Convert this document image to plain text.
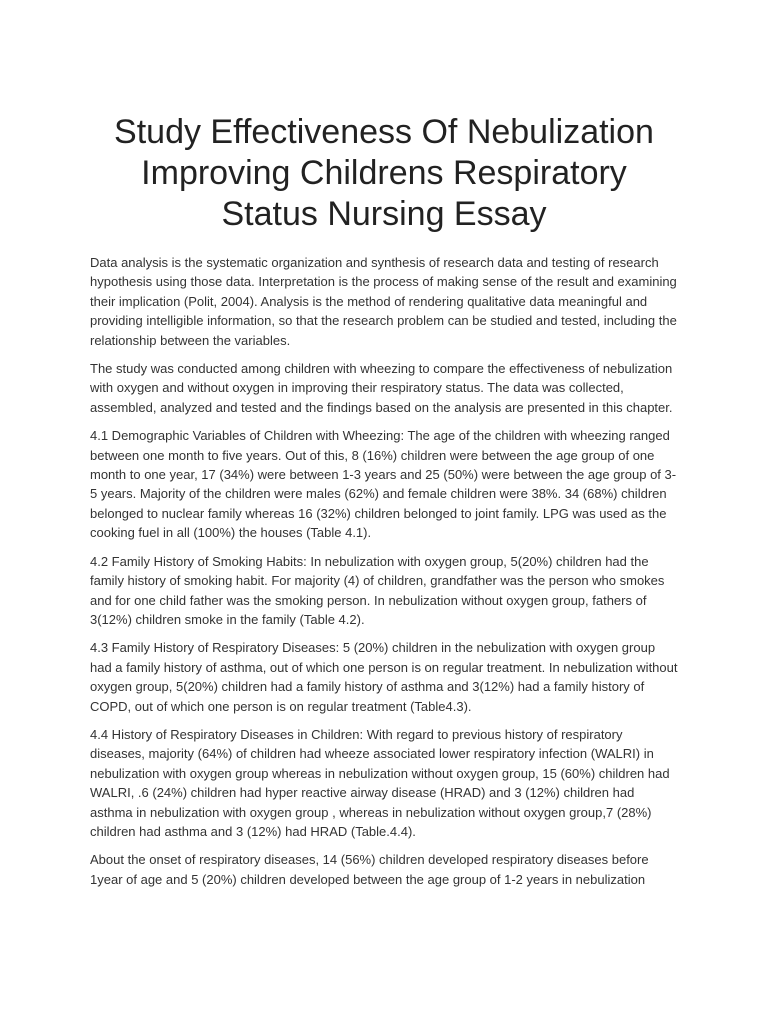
Study Effectiveness Of Nebulization
Improving Childrens Respiratory
Status Nursing Essay

Data analysis is the systematic organization and synthesis of research data and testing of research hypothesis using those data. Interpretation is the process of making sense of the result and examining their implication (Polit, 2004). Analysis is the method of rendering qualitative data meaningful and providing intelligible information, so that the research problem can be studied and tested, including the relationship between the variables.

The study was conducted among children with wheezing to compare the effectiveness of nebulization with oxygen and without oxygen in improving their respiratory status. The data was collected, assembled, analyzed and tested and the findings based on the analysis are presented in this chapter.

4.1 Demographic Variables of Children with Wheezing: The age of the children with wheezing ranged between one month to five years. Out of this, 8 (16%) children were between the age group of one month to one year, 17 (34%) were between 1-3 years and 25 (50%) were between the age group of 3-5 years. Majority of the children were males (62%) and female children were 38%. 34 (68%) children belonged to nuclear family whereas 16 (32%) children belonged to joint family. LPG was used as the cooking fuel in all (100%) the houses (Table 4.1).

4.2 Family History of Smoking Habits: In nebulization with oxygen group, 5(20%) children had the family history of smoking habit. For majority (4) of children, grandfather was the person who smokes and for one child father was the smoking person. In nebulization without oxygen group, fathers of 3(12%) children smoke in the family (Table 4.2).

4.3 Family History of Respiratory Diseases: 5 (20%) children in the nebulization with oxygen group had a family history of asthma, out of which one person is on regular treatment. In nebulization without oxygen group, 5(20%) children had a family history of asthma and 3(12%) had a family history of COPD, out of which one person is on regular treatment (Table4.3).

4.4 History of Respiratory Diseases in Children: With regard to previous history of respiratory diseases, majority (64%) of children had wheeze associated lower respiratory infection (WALRI) in nebulization with oxygen group whereas in nebulization without oxygen group, 15 (60%) children had WALRI, .6 (24%) children had hyper reactive airway disease (HRAD) and 3 (12%) children had asthma in nebulization with oxygen group , whereas in nebulization without oxygen group,7 (28%) children had asthma and 3 (12%) had HRAD (Table.4.4).

About the onset of respiratory diseases, 14 (56%) children developed respiratory diseases before 1year of age and 5 (20%) children developed between the age group of 1-2 years in nebulization
